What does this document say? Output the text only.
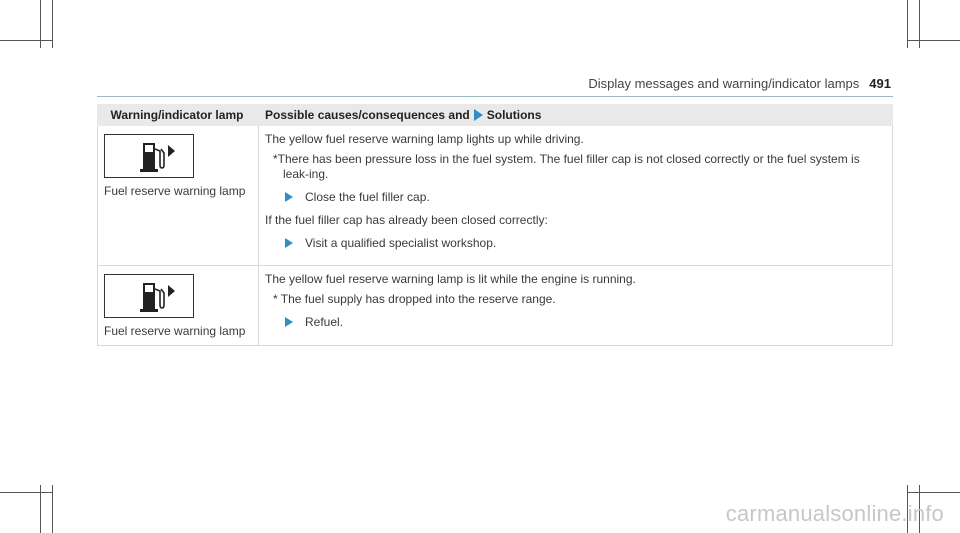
Display messages and warning/indicator lamps 491
Warning/indicator lamp	Possible causes/consequences and Solutions

Fuel reserve warning lamp	The yellow fuel reserve warning lamp lights up while driving.
*There has been pressure loss in the fuel system. The fuel filler cap is not closed correctly or the fuel system is leak-ing.
Close the fuel filler cap.
If the fuel filler cap has already been closed correctly:
Visit a qualified specialist workshop.

Fuel reserve warning lamp	The yellow fuel reserve warning lamp is lit while the engine is running.
* The fuel supply has dropped into the reserve range.
Refuel.
carmanualsonline.info
